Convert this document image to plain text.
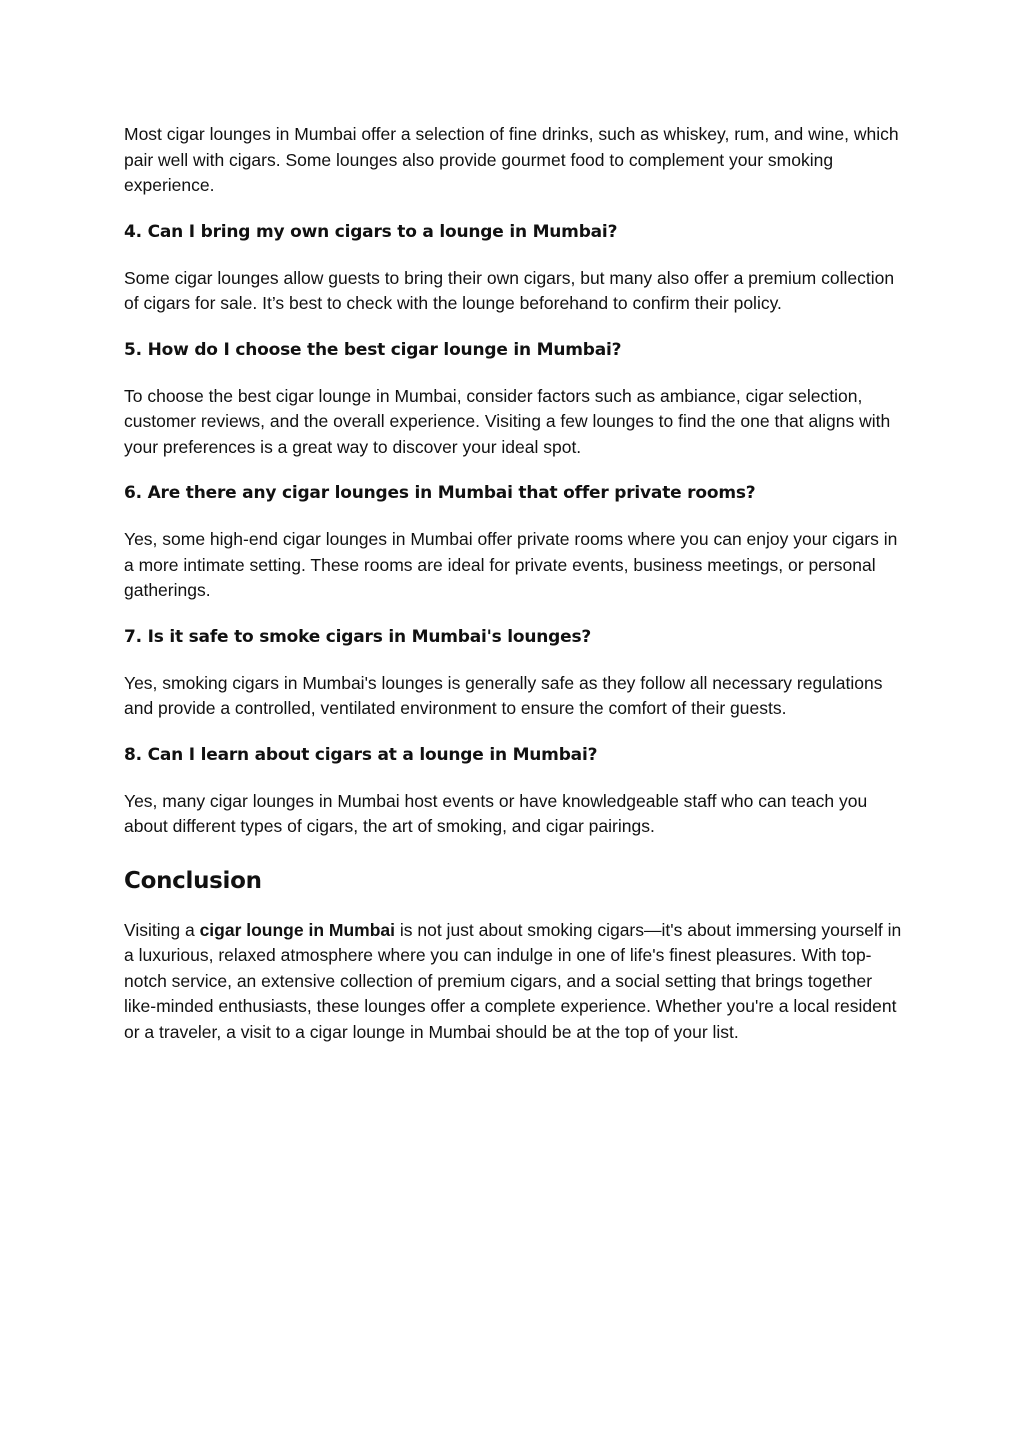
Most cigar lounges in Mumbai offer a selection of fine drinks, such as whiskey, rum, and wine, which pair well with cigars. Some lounges also provide gourmet food to complement your smoking experience.

4. Can I bring my own cigars to a lounge in Mumbai?

Some cigar lounges allow guests to bring their own cigars, but many also offer a premium collection of cigars for sale. It’s best to check with the lounge beforehand to confirm their policy.

5. How do I choose the best cigar lounge in Mumbai?

To choose the best cigar lounge in Mumbai, consider factors such as ambiance, cigar selection, customer reviews, and the overall experience. Visiting a few lounges to find the one that aligns with your preferences is a great way to discover your ideal spot.

6. Are there any cigar lounges in Mumbai that offer private rooms?

Yes, some high-end cigar lounges in Mumbai offer private rooms where you can enjoy your cigars in a more intimate setting. These rooms are ideal for private events, business meetings, or personal gatherings.

7. Is it safe to smoke cigars in Mumbai's lounges?

Yes, smoking cigars in Mumbai's lounges is generally safe as they follow all necessary regulations and provide a controlled, ventilated environment to ensure the comfort of their guests.

8. Can I learn about cigars at a lounge in Mumbai?

Yes, many cigar lounges in Mumbai host events or have knowledgeable staff who can teach you about different types of cigars, the art of smoking, and cigar pairings.

Conclusion

Visiting a cigar lounge in Mumbai is not just about smoking cigars—it's about immersing yourself in a luxurious, relaxed atmosphere where you can indulge in one of life's finest pleasures. With top-notch service, an extensive collection of premium cigars, and a social setting that brings together like-minded enthusiasts, these lounges offer a complete experience. Whether you're a local resident or a traveler, a visit to a cigar lounge in Mumbai should be at the top of your list.
